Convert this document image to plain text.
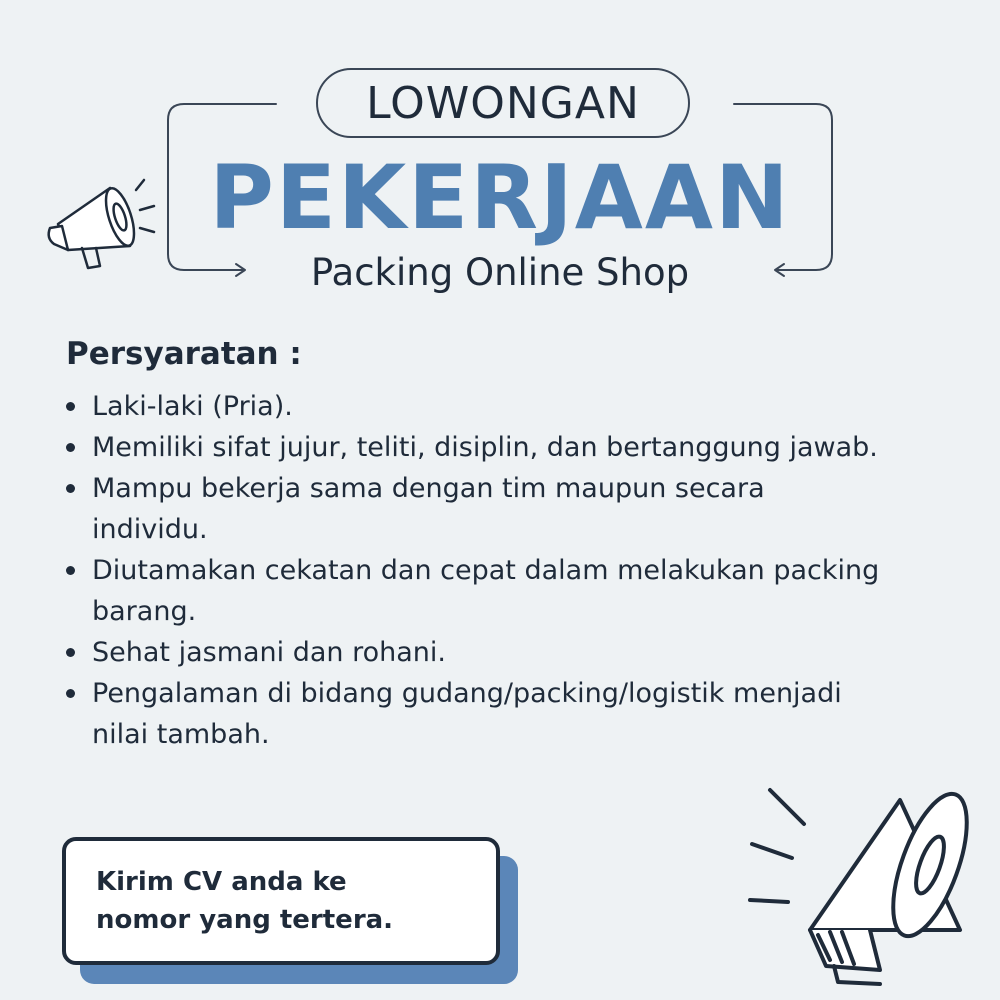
LOWONGAN
PEKERJAAN
Packing Online Shop
Persyaratan :
Laki-laki (Pria).
Memiliki sifat jujur, teliti, disiplin, dan bertanggung jawab.
Mampu bekerja sama dengan tim maupun secara individu.
Diutamakan cekatan dan cepat dalam melakukan packing barang.
Sehat jasmani dan rohani.
Pengalaman di bidang gudang/packing/logistik menjadi nilai tambah.
Kirim CV anda ke
nomor yang tertera.
